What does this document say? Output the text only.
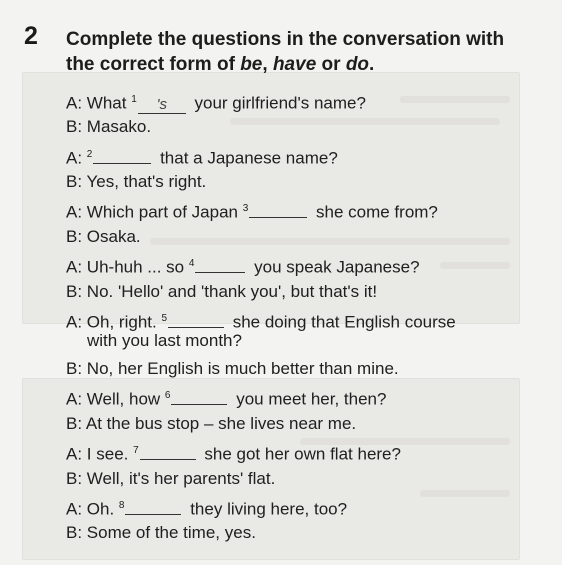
2 Complete the questions in the conversation with the correct form of be, have or do.
A: What $^1$ 's your girlfriend's name?
B: Masako.
A: $^2$	that a Japanese name?
B: Yes, that's right.
A: Which part of Japan $^3$	she come from?
B: Osaka.
A: Uh-huh ... so $^4$	you speak Japanese?
B: No. 'Hello' and 'thank you', but that's it!
A: Oh, right. $^5$	she doing that English course
with you last month?
B: No, her English is much better than mine.
A: Well, how $^6$	you meet her, then?
B: At the bus stop – she lives near me.
A: I see. $^7$	she got her own flat here?
B: Well, it's her parents' flat.
A: Oh. $^8$	they living here, too?
B: Some of the time, yes.
